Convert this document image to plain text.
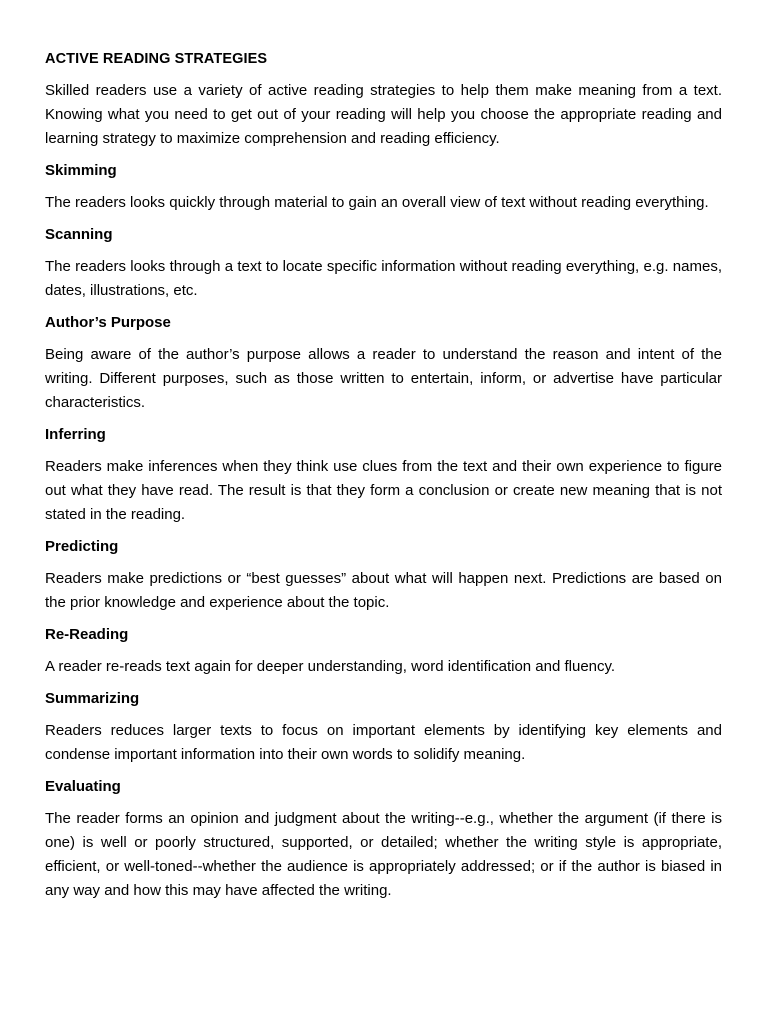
ACTIVE READING STRATEGIES

Skilled readers use a variety of active reading strategies to help them make meaning from a text. Knowing what you need to get out of your reading will help you choose the appropriate reading and learning strategy to maximize comprehension and reading efficiency.

Skimming

The readers looks quickly through material to gain an overall view of text without reading everything.

Scanning

The readers looks through a text to locate specific information without reading everything, e.g. names, dates, illustrations, etc.

Author’s Purpose

Being aware of the author’s purpose allows a reader to understand the reason and intent of the writing. Different purposes, such as those written to entertain, inform, or advertise have particular characteristics.

Inferring

Readers make inferences when they think use clues from the text and their own experience to figure out what they have read. The result is that they form a conclusion or create new meaning that is not stated in the reading.

Predicting

Readers make predictions or “best guesses” about what will happen next. Predictions are based on the prior knowledge and experience about the topic.

Re-Reading

A reader re-reads text again for deeper understanding, word identification and fluency.

Summarizing

Readers reduces larger texts to focus on important elements by identifying key elements and condense important information into their own words to solidify meaning.

Evaluating

The reader forms an opinion and judgment about the writing--e.g., whether the argument (if there is one) is well or poorly structured, supported, or detailed; whether the writing style is appropriate, efficient, or well-toned--whether the audience is appropriately addressed; or if the author is biased in any way and how this may have affected the writing.
